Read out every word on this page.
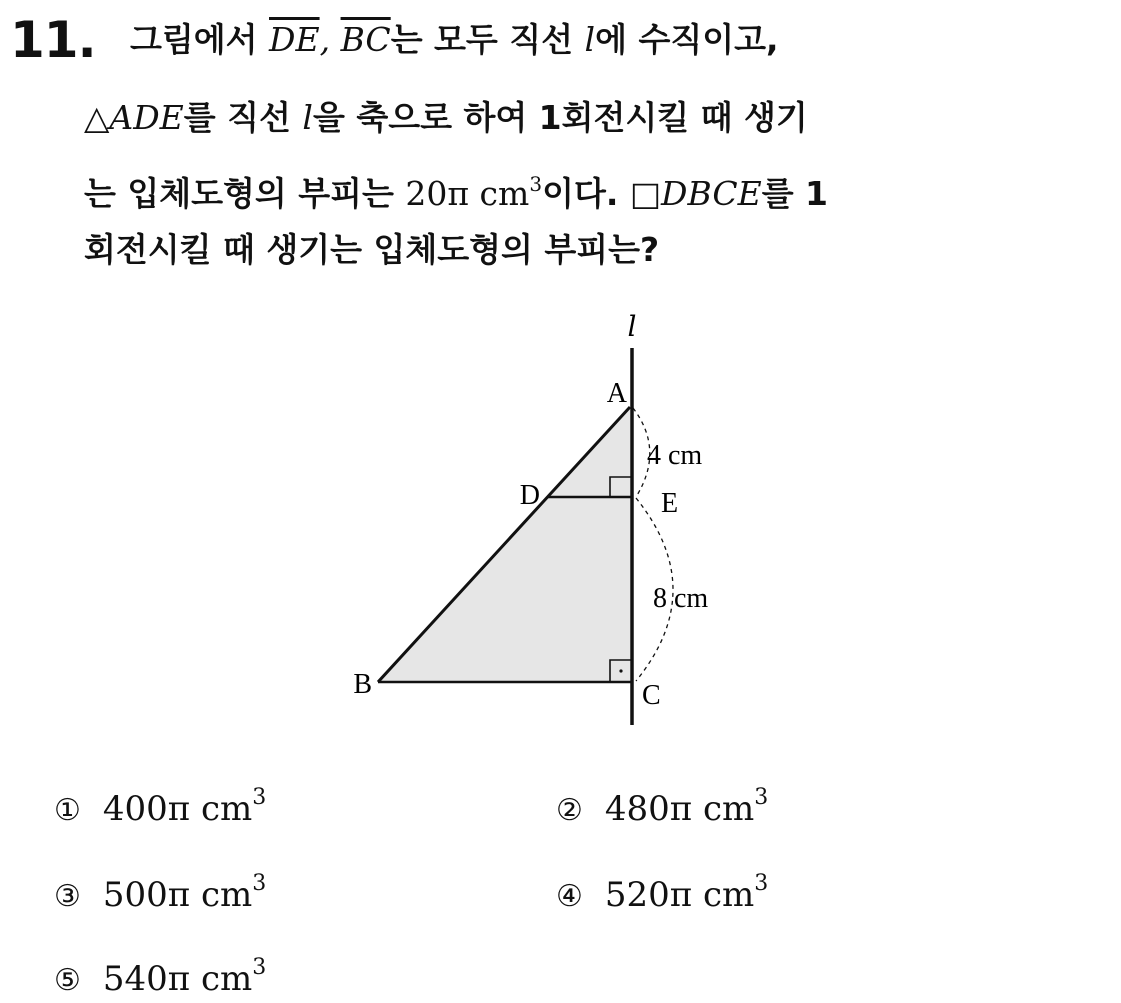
11. 그림에서 $\overline{DE}$, $\overline{BC}$는 모두 직선 l에 수직이고,
△ADE를 직선 l을 축으로 하여 1회전시킬 때 생기
는 입체도형의 부피는 20π $cm^3$이다. □DBCE를 1
회전시킬 때 생기는 입체도형의 부피는?
l
A
D	E
B	C
4 cm
8 cm
① 400π $cm^3$	② 480π $cm^3$
③ 500π $cm^3$	④ 520π $cm^3$
⑤ 540π $cm^3$
